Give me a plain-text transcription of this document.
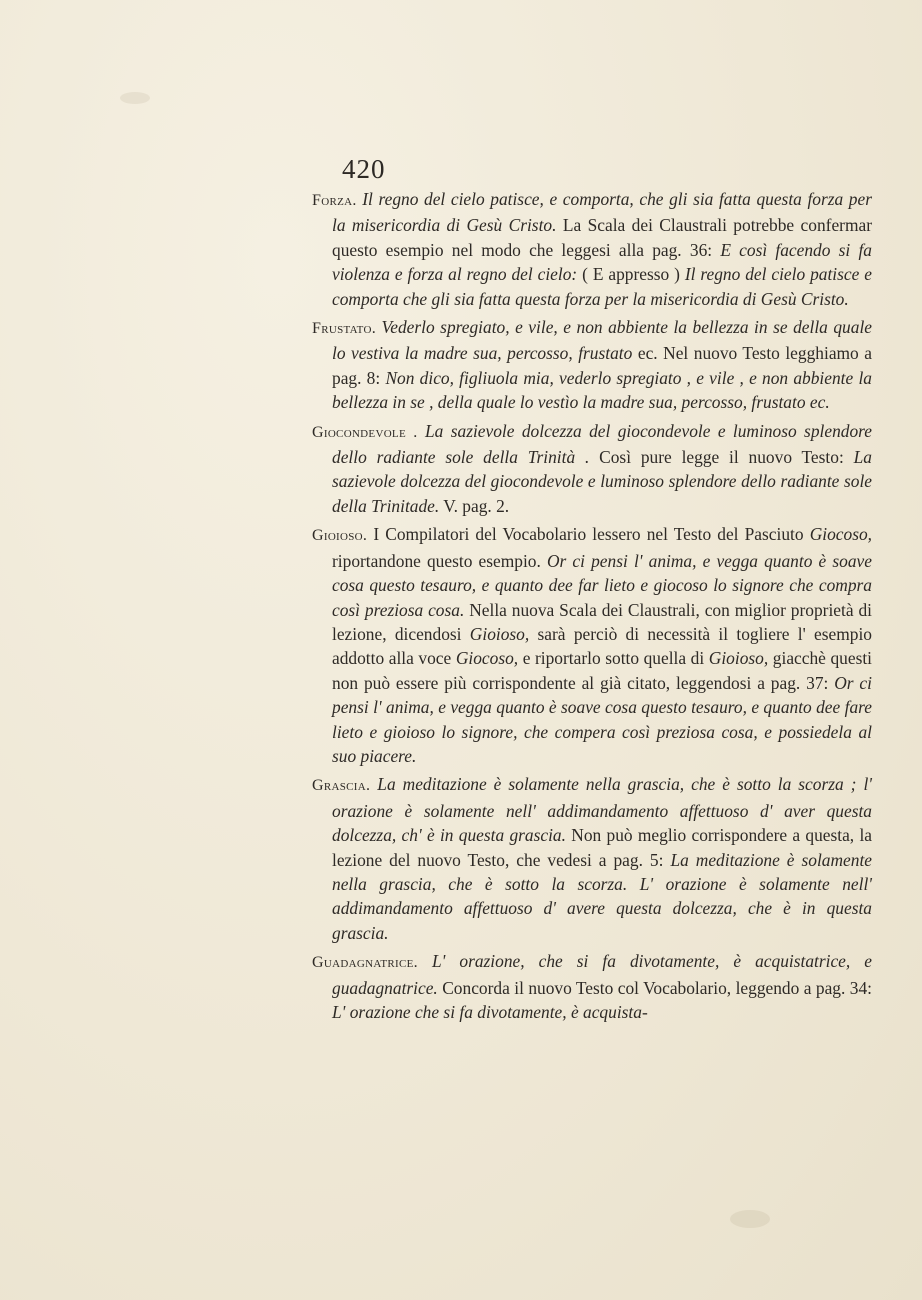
420

Forza. Il regno del cielo patisce, e comporta, che gli sia fatta questa forza per la misericordia di Gesù Cristo. La Scala dei Claustrali potrebbe confermar questo esempio nel modo che leggesi alla pag. 36: E così facendo si fa violenza e forza al regno del cielo: ( E appresso ) Il regno del cielo patisce e comporta che gli sia fatta questa forza per la misericordia di Gesù Cristo.

Frustato. Vederlo spregiato, e vile, e non abbiente la bellezza in se della quale lo vestiva la madre sua, percosso, frustato ec. Nel nuovo Testo legghiamo a pag. 8: Non dico, figliuola mia, vederlo spregiato , e vile , e non abbiente la bellezza in se , della quale lo vestìo la madre sua, percosso, frustato ec.

Giocondevole . La sazievole dolcezza del giocondevole e luminoso splendore dello radiante sole della Trinità . Così pure legge il nuovo Testo: La sazievole dolcezza del giocondevole e luminoso splendore dello radiante sole della Trinitade. V. pag. 2.

Gioioso. I Compilatori del Vocabolario lessero nel Testo del Pasciuto Giocoso, riportandone questo esempio. Or ci pensi l' anima, e vegga quanto è soave cosa questo tesauro, e quanto dee far lieto e giocoso lo signore che compra così preziosa cosa. Nella nuova Scala dei Claustrali, con miglior proprietà di lezione, dicendosi Gioioso, sarà perciò di necessità il togliere l' esempio addotto alla voce Giocoso, e riportarlo sotto quella di Gioioso, giacchè questi non può essere più corrispondente al già citato, leggendosi a pag. 37: Or ci pensi l' anima, e vegga quanto è soave cosa questo tesauro, e quanto dee fare lieto e gioioso lo signore, che compera così preziosa cosa, e possiedela al suo piacere.

Grascia. La meditazione è solamente nella grascia, che è sotto la scorza ; l' orazione è solamente nell' addimandamento affettuoso d' aver questa dolcezza, ch' è in questa grascia. Non può meglio corrispondere a questa, la lezione del nuovo Testo, che vedesi a pag. 5: La meditazione è solamente nella grascia, che è sotto la scorza. L' orazione è solamente nell' addimandamento affettuoso d' avere questa dolcezza, che è in questa grascia.

Guadagnatrice. L' orazione, che si fa divotamente, è acquistatrice, e guadagnatrice. Concorda il nuovo Testo col Vocabolario, leggendo a pag. 34: L' orazione che si fa divotamente, è acquista-
